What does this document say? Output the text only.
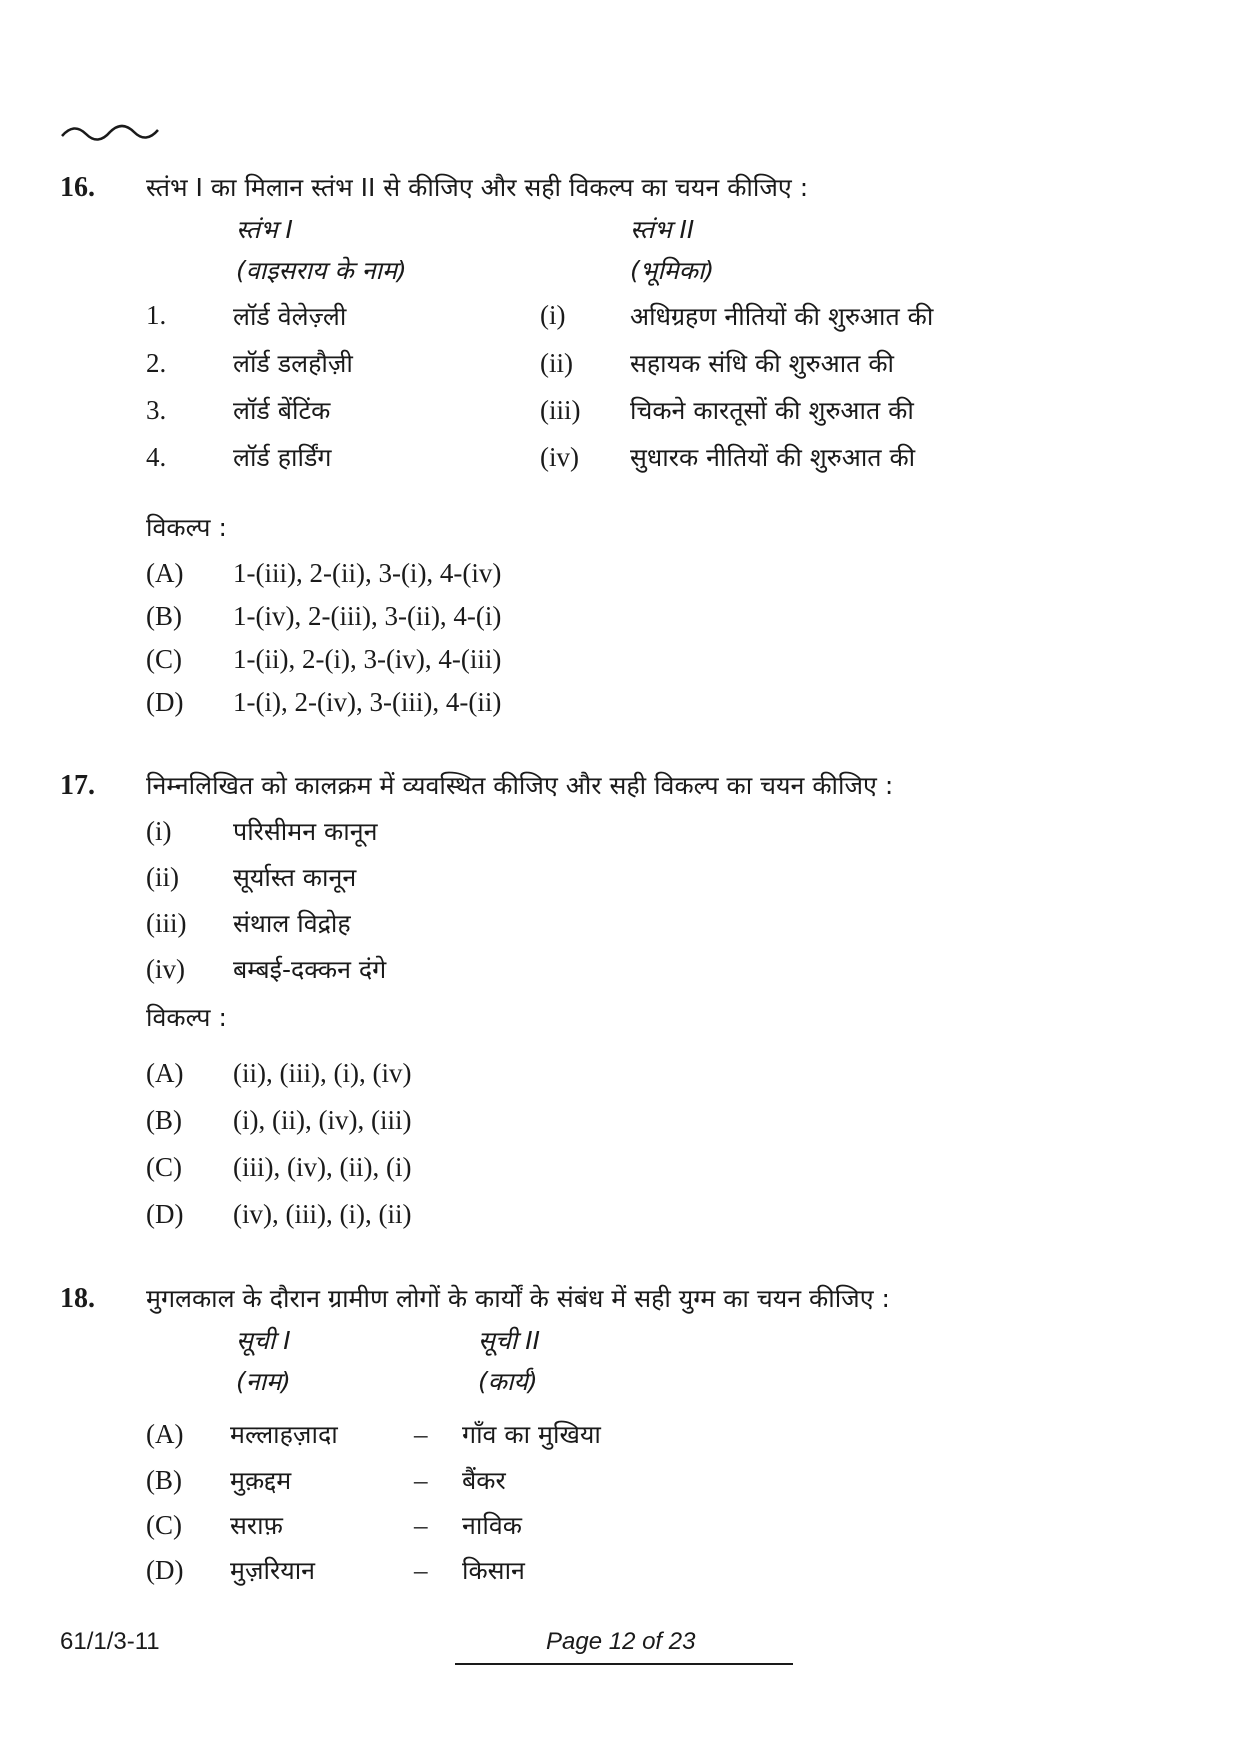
16. स्तंभ I का मिलान स्तंभ II से कीजिए और सही विकल्प का चयन कीजिए :
स्तंभ I
(वाइसराय के नाम)
स्तंभ II
(भूमिका)
1.	लॉर्ड वेलेज़्ली	(i)	अधिग्रहण नीतियों की शुरुआत की
2.	लॉर्ड डलहौज़ी	(ii) सहायक संधि की शुरुआत की
3.	लॉर्ड बेंटिंक	(iii) चिकने कारतूसों की शुरुआत की
4.	लॉर्ड हार्डिंग	(iv) सुधारक नीतियों की शुरुआत की
विकल्प :
(A) 1-(iii), 2-(ii), 3-(i), 4-(iv)
(B) 1-(iv), 2-(iii), 3-(ii), 4-(i)
(C) 1-(ii), 2-(i), 3-(iv), 4-(iii)
(D) 1-(i), 2-(iv), 3-(iii), 4-(ii)
17. निम्नलिखित को कालक्रम में व्यवस्थित कीजिए और सही विकल्प का चयन कीजिए :
(i) परिसीमन कानून
(ii) सूर्यास्त कानून
(iii) संथाल विद्रोह
(iv) बम्बई-दक्कन दंगे
विकल्प :
(A) (ii), (iii), (i), (iv)
(B) (i), (ii), (iv), (iii)
(C) (iii), (iv), (ii), (i)
(D) (iv), (iii), (i), (ii)
18. मुगलकाल के दौरान ग्रामीण लोगों के कार्यों के संबंध में सही युग्म का चयन कीजिए :
सूची I
(नाम)
सूची II
(कार्य)
(A) मल्लाहज़ादा	– गाँव का मुखिया
(B) मुक़द्दम	– बैंकर
(C) सराफ़	– नाविक
(D) मुज़रियान	– किसान
61/1/3-11	Page 12 of 23
